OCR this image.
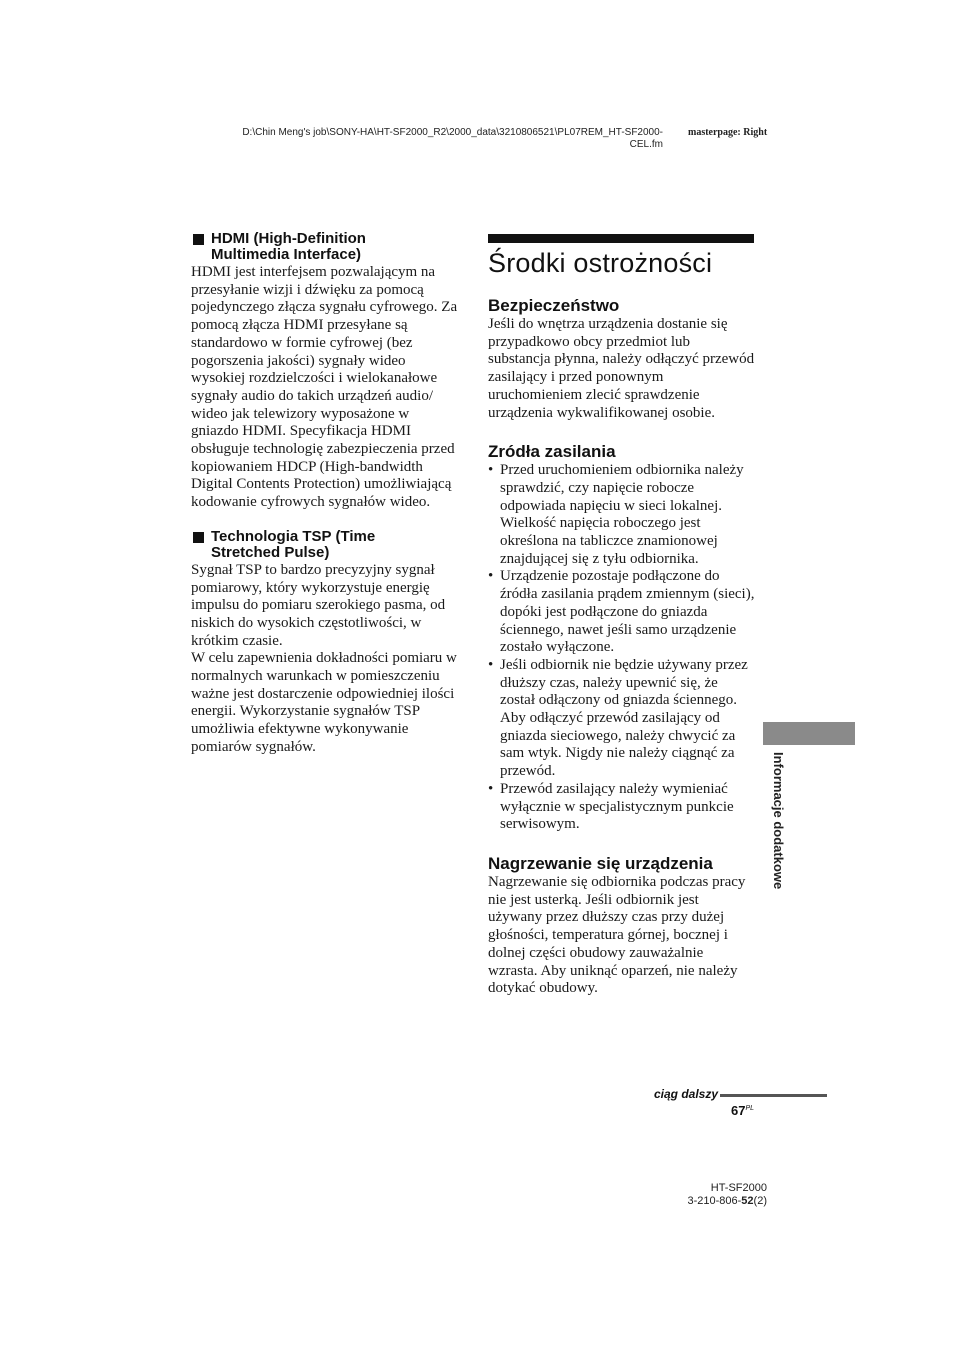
D:\Chin Meng's job\SONY-HA\HT-SF2000_R2\2000_data\3210806521\PL07REM_HT-SF2000-
CEL.fm
masterpage: Right
HDMI (High-Definition
Multimedia Interface)

HDMI jest interfejsem pozwalającym na przesyłanie wizji i dźwięku za pomocą pojedynczego złącza sygnału cyfrowego. Za pomocą złącza HDMI przesyłane są standardowo w formie cyfrowej (bez pogorszenia jakości) sygnały wideo wysokiej rozdzielczości i wielokanałowe sygnały audio do takich urządzeń audio/ wideo jak telewizory wyposażone w gniazdo HDMI. Specyfikacja HDMI obsługuje technologię zabezpieczenia przed kopiowaniem HDCP (High-bandwidth Digital Contents Protection) umożliwiającą kodowanie cyfrowych sygnałów wideo.

Technologia TSP (Time
Stretched Pulse)

Sygnał TSP to bardzo precyzyjny sygnał pomiarowy, który wykorzystuje energię impulsu do pomiaru szerokiego pasma, od niskich do wysokich częstotliwości, w krótkim czasie.

W celu zapewnienia dokładności pomiaru w normalnych warunkach w pomieszczeniu ważne jest dostarczenie odpowiedniej ilości energii. Wykorzystanie sygnałów TSP umożliwia efektywne wykonywanie pomiarów sygnałów.

Środki ostrożności
Bezpieczeństwo

Jeśli do wnętrza urządzenia dostanie się przypadkowo obcy przedmiot lub substancja płynna, należy odłączyć przewód zasilający i przed ponownym uruchomieniem zlecić sprawdzenie urządzenia wykwalifikowanej osobie.

Zródła zasilania
• Przed uruchomieniem odbiornika należy sprawdzić, czy napięcie robocze odpowiada napięciu w sieci lokalnej. Wielkość napięcia roboczego jest określona na tabliczce znamionowej znajdującej się z tyłu odbiornika.
• Urządzenie pozostaje podłączone do źródła zasilania prądem zmiennym (sieci), dopóki jest podłączone do gniazda ściennego, nawet jeśli samo urządzenie zostało wyłączone.
• Jeśli odbiornik nie będzie używany przez dłuższy czas, należy upewnić się, że został odłączony od gniazda ściennego. Aby odłączyć przewód zasilający od gniazda sieciowego, należy chwycić za sam wtyk. Nigdy nie należy ciągnąć za przewód.
• Przewód zasilający należy wymieniać wyłącznie w specjalistycznym punkcie serwisowym.
Nagrzewanie się urządzenia

Nagrzewanie się odbiornika podczas pracy nie jest usterką. Jeśli odbiornik jest używany przez dłuższy czas przy dużej głośności, temperatura górnej, bocznej i dolnej części obudowy zauważalnie wzrasta. Aby uniknąć oparzeń, nie należy dotykać obudowy.

Informacje dodatkowe
ciąg dalszy
$67^{PL}$
HT-SF2000
3-210-806-52(2)
